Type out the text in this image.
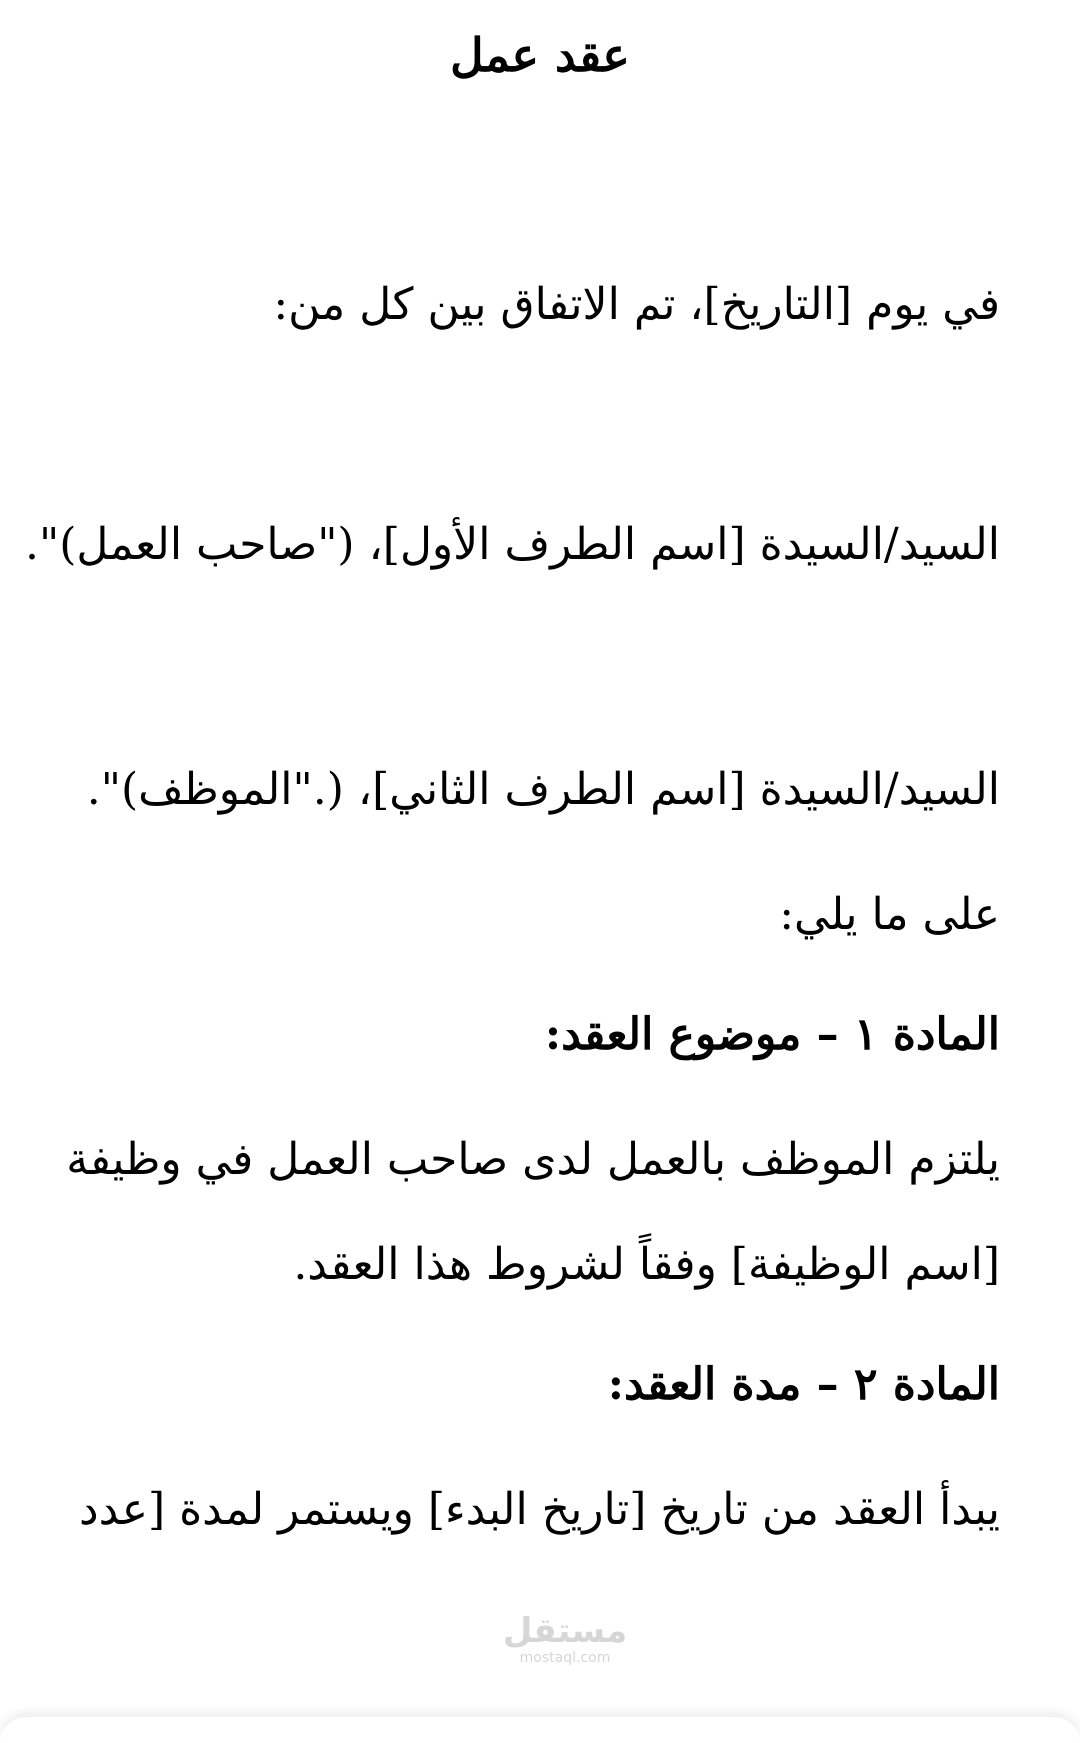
عقد عمل
في يوم [التاريخ]، تم الاتفاق بين كل من:
السيد/السيدة [اسم الطرف الأول]، ("صاحب العمل)".
السيد/السيدة [اسم الطرف الثاني]، (."الموظف)".
على ما يلي:
المادة ١ – موضوع العقد:
يلتزم الموظف بالعمل لدى صاحب العمل في وظيفة
[اسم الوظيفة] وفقاً لشروط هذا العقد.
المادة ٢ – مدة العقد:
يبدأ العقد من تاريخ [تاريخ البدء] ويستمر لمدة [عدد
مستقل
mostaql.com
